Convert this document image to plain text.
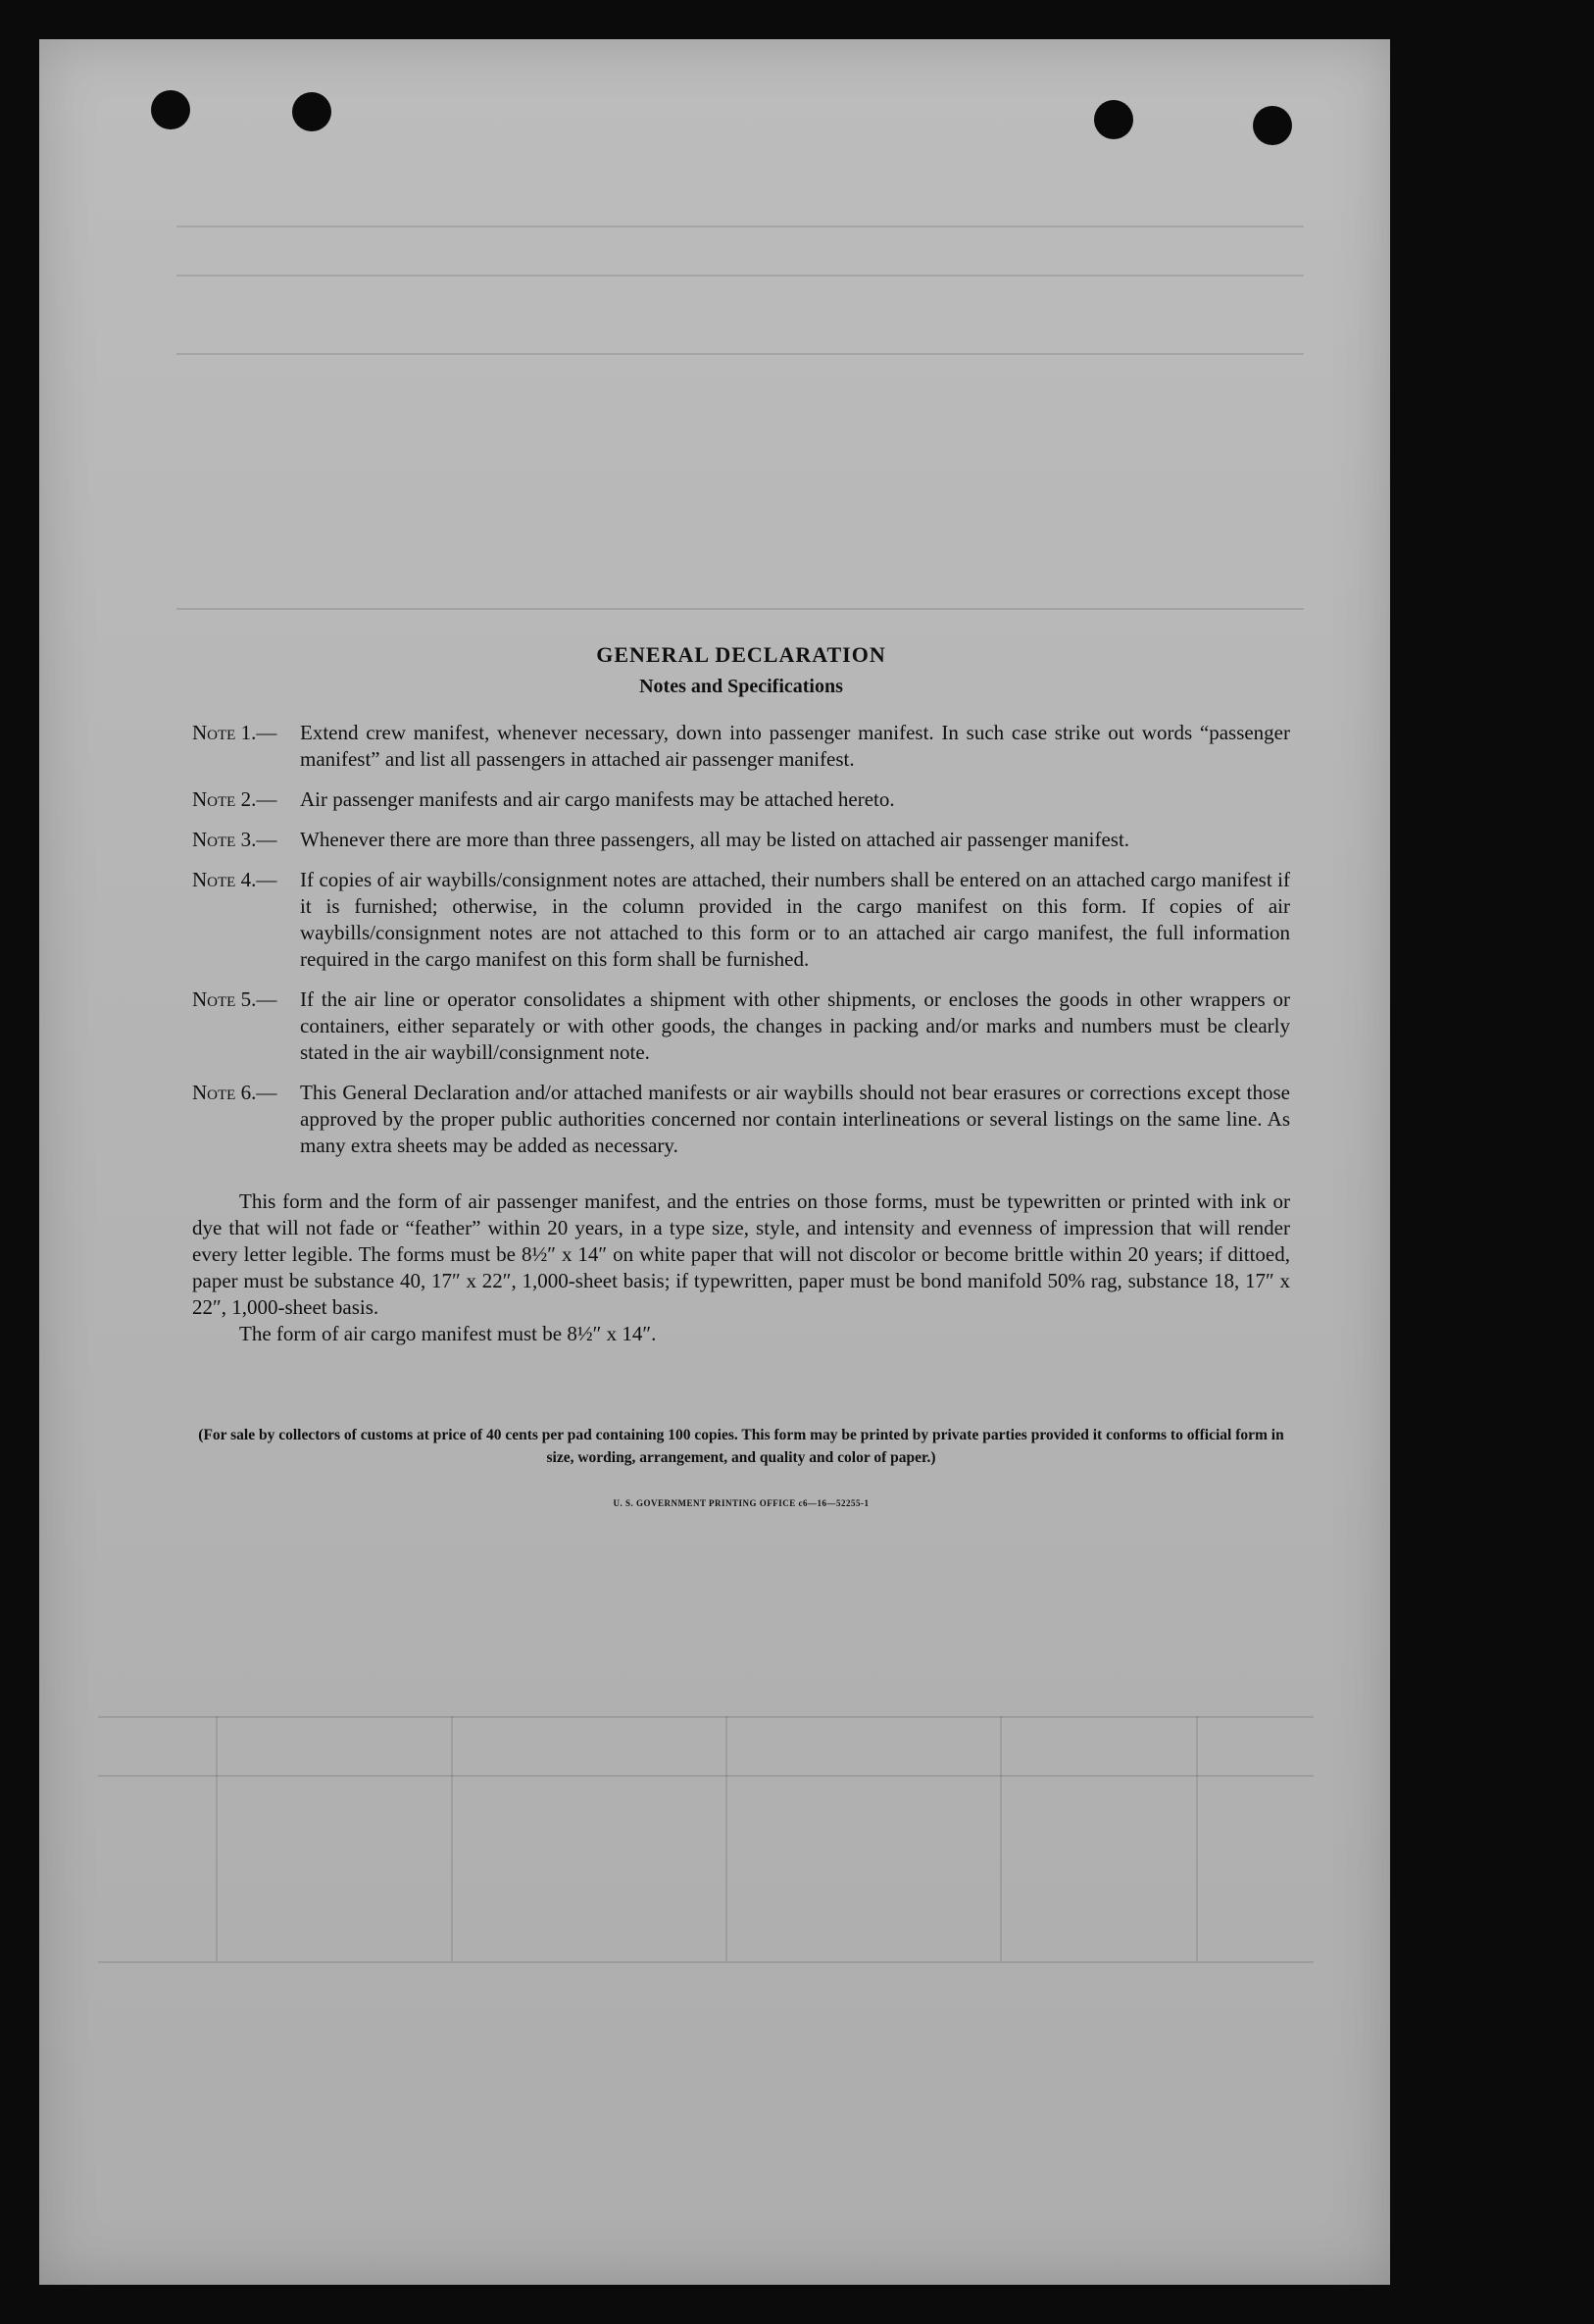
GENERAL DECLARATION
Notes and Specifications
Note 1.—	Extend crew manifest, whenever necessary, down into passenger manifest. In such case strike out words “passenger manifest” and list all passengers in attached air passenger manifest.
Note 2.—	Air passenger manifests and air cargo manifests may be attached hereto.
Note 3.—	Whenever there are more than three passengers, all may be listed on attached air passenger manifest.
Note 4.—	If copies of air waybills/consignment notes are attached, their numbers shall be entered on an attached cargo manifest if it is furnished; otherwise, in the column provided in the cargo manifest on this form. If copies of air waybills/consignment notes are not attached to this form or to an attached air cargo manifest, the full information required in the cargo manifest on this form shall be furnished.
Note 5.—	If the air line or operator consolidates a shipment with other shipments, or encloses the goods in other wrappers or containers, either separately or with other goods, the changes in packing and/or marks and numbers must be clearly stated in the air waybill/consignment note.
Note 6.—	This General Declaration and/or attached manifests or air waybills should not bear erasures or corrections except those approved by the proper public authorities concerned nor contain interlineations or several listings on the same line. As many extra sheets may be added as necessary.

This form and the form of air passenger manifest, and the entries on those forms, must be typewritten or printed with ink or dye that will not fade or “feather” within 20 years, in a type size, style, and intensity and evenness of impression that will render every letter legible. The forms must be 8½″ x 14″ on white paper that will not discolor or become brittle within 20 years; if dittoed, paper must be substance 40, 17″ x 22″, 1,000-sheet basis; if typewritten, paper must be bond manifold 50% rag, substance 18, 17″ x 22″, 1,000-sheet basis.

The form of air cargo manifest must be 8½″ x 14″.

(For sale by collectors of customs at price of 40 cents per pad containing 100 copies. This form may be printed by private parties provided it conforms to official form in size, wording, arrangement, and quality and color of paper.)
U. S. GOVERNMENT PRINTING OFFICE c6—16—52255-1
